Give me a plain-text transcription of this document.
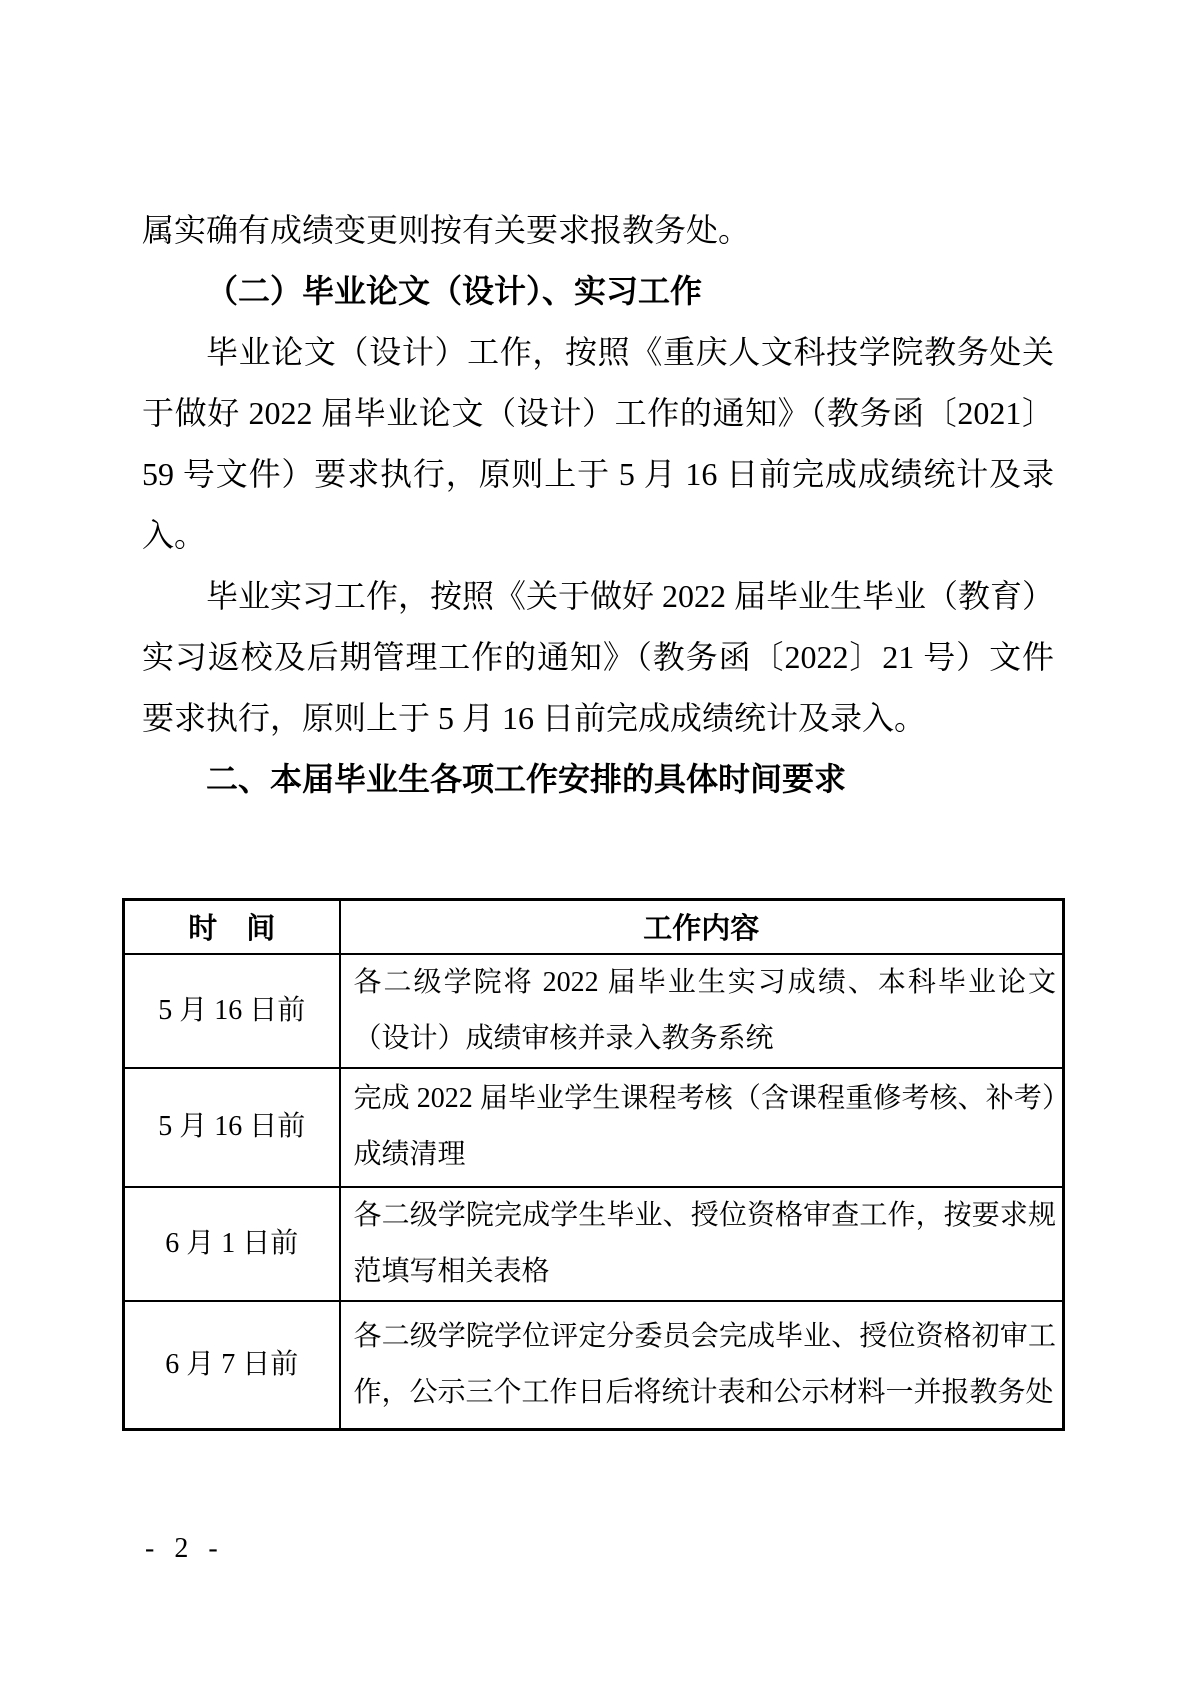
属实确有成绩变更则按有关要求报教务处。

（二）毕业论文（设计）、实习工作

毕业论文（设计）工作，按照《重庆人文科技学院教务处关于做好 2022 届毕业论文（设计）工作的通知》（教务函〔2021〕59 号文件）要求执行，原则上于 5 月 16 日前完成成绩统计及录入。

毕业实习工作，按照《关于做好 2022 届毕业生毕业（教育）实习返校及后期管理工作的通知》（教务函〔2022〕21 号）文件要求执行，原则上于 5 月 16 日前完成成绩统计及录入。

二、本届毕业生各项工作安排的具体时间要求

时　间	工作内容
5 月 16 日前	各二级学院将 2022 届毕业生实习成绩、本科毕业论文（设计）成绩审核并录入教务系统
5 月 16 日前	完成 2022 届毕业学生课程考核（含课程重修考核、补考）成绩清理
6 月 1 日前	各二级学院完成学生毕业、授位资格审查工作，按要求规范填写相关表格
6 月 7 日前	各二级学院学位评定分委员会完成毕业、授位资格初审工作，公示三个工作日后将统计表和公示材料一并报教务处
- 2 -
